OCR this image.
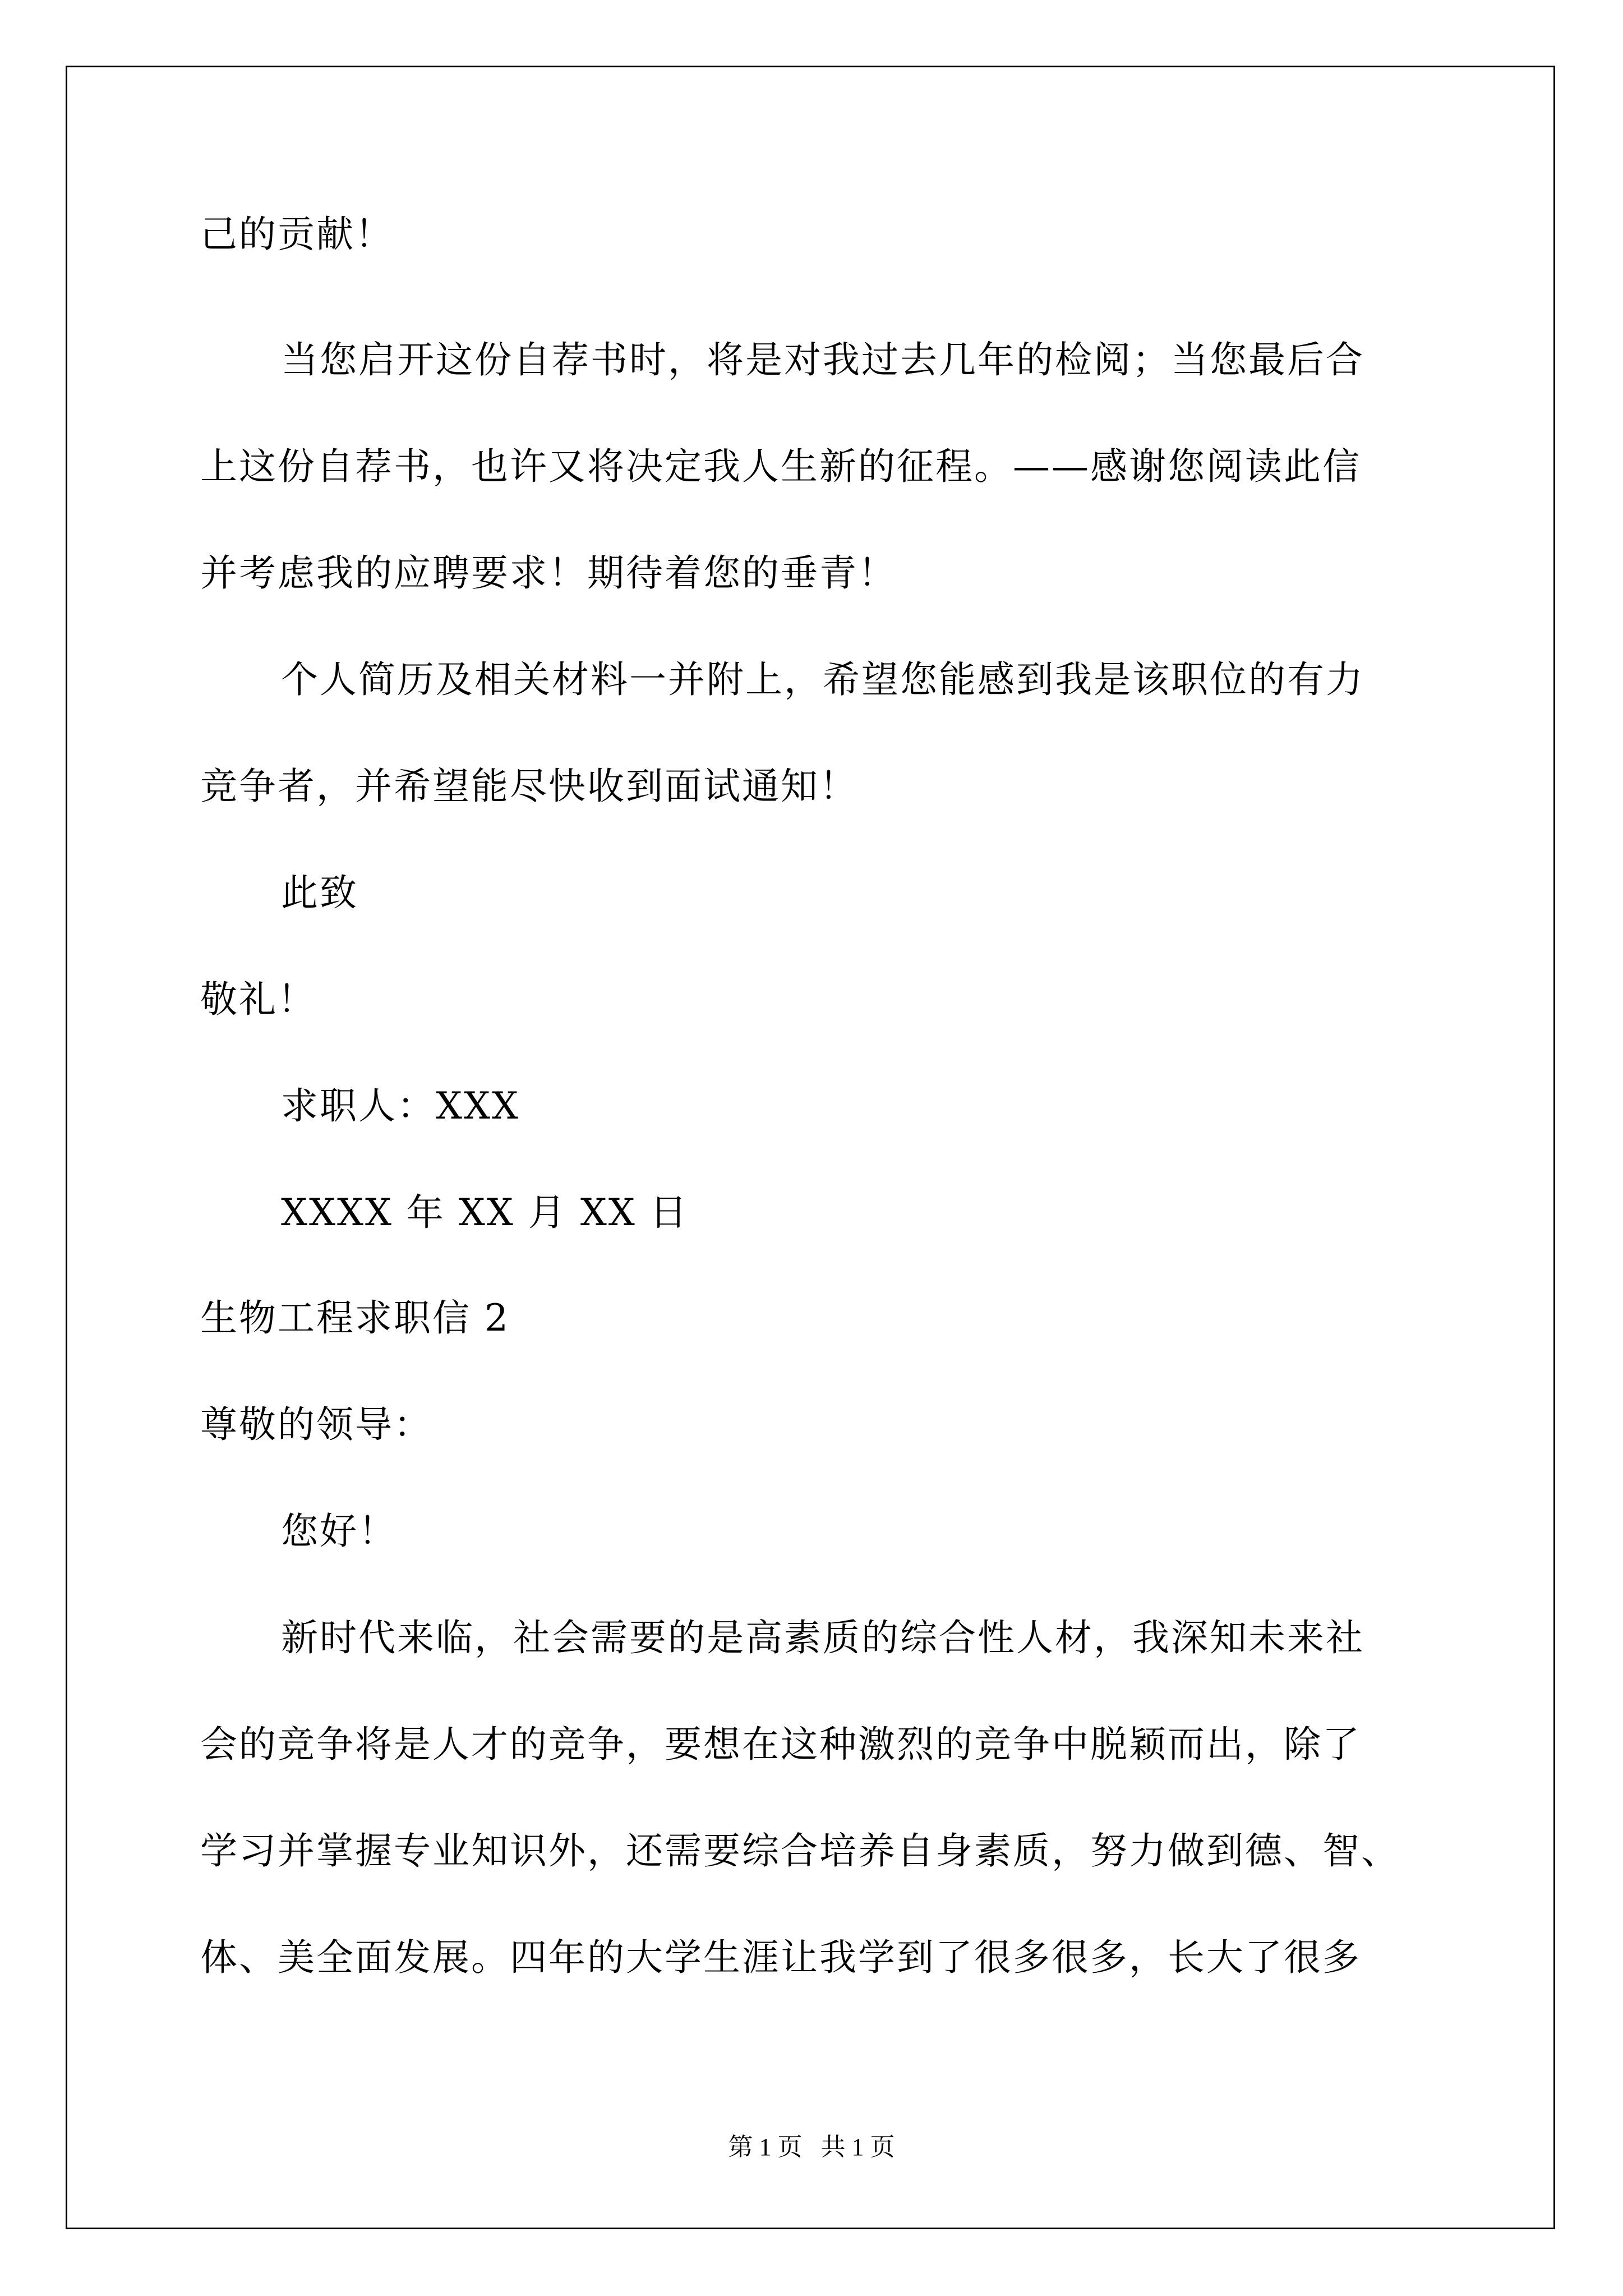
己的贡献！
当您启开这份自荐书时，将是对我过去几年的检阅；当您最后合
上这份自荐书，也许又将决定我人生新的征程。——感谢您阅读此信
并考虑我的应聘要求！期待着您的垂青！
个人简历及相关材料一并附上，希望您能感到我是该职位的有力
竞争者，并希望能尽快收到面试通知！
此致
敬礼！
求职人：XXX
XXXX 年 XX 月 XX 日
生物工程求职信 2
尊敬的领导：
您好！
新时代来临，社会需要的是高素质的综合性人材，我深知未来社
会的竞争将是人才的竞争，要想在这种激烈的竞争中脱颖而出，除了
学习并掌握专业知识外，还需要综合培养自身素质，努力做到德、智、
体、美全面发展。四年的大学生涯让我学到了很多很多，长大了很多
第 1 页   共 1 页
